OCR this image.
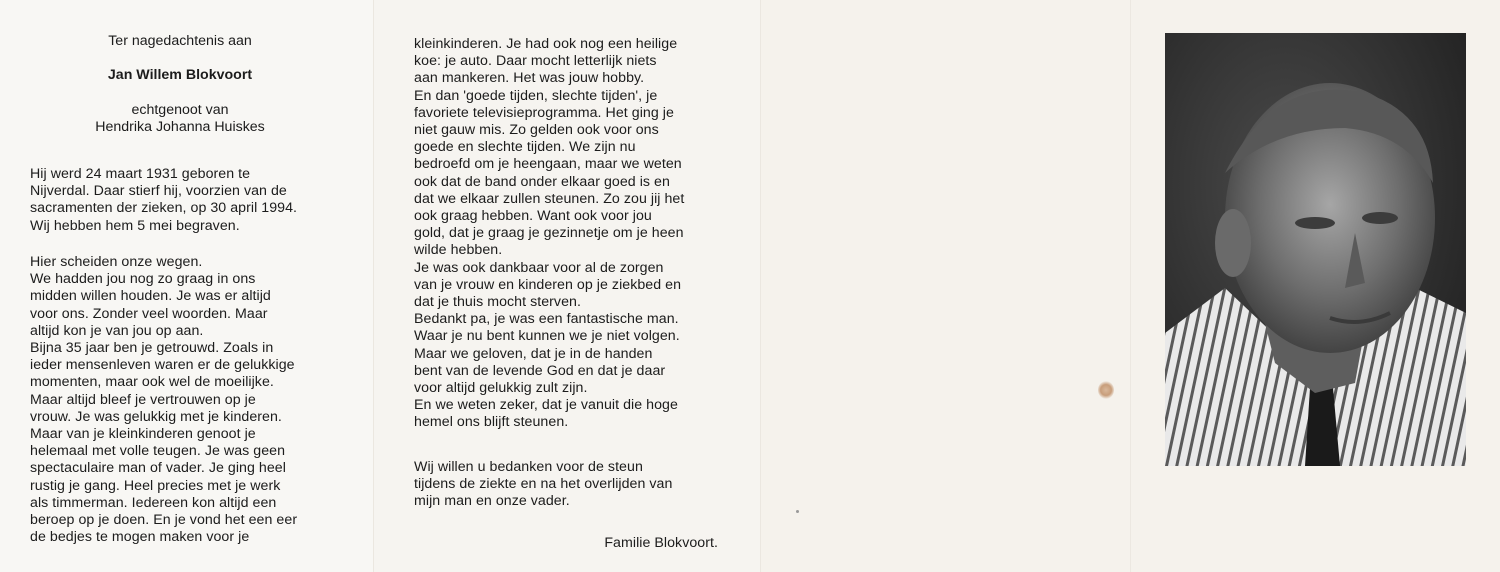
Ter nagedachtenis aan
Jan Willem Blokvoort
echtgenoot van
Hendrika Johanna Huiskes
Hij werd 24 maart 1931 geboren te
Nijverdal. Daar stierf hij, voorzien van de
sacramenten der zieken, op 30 april 1994.
Wij hebben hem 5 mei begraven.
Hier scheiden onze wegen.
We hadden jou nog zo graag in ons
midden willen houden. Je was er altijd
voor ons. Zonder veel woorden. Maar
altijd kon je van jou op aan.
Bijna 35 jaar ben je getrouwd. Zoals in
ieder mensenleven waren er de gelukkige
momenten, maar ook wel de moeilijke.
Maar altijd bleef je vertrouwen op je
vrouw. Je was gelukkig met je kinderen.
Maar van je kleinkinderen genoot je
helemaal met volle teugen. Je was geen
spectaculaire man of vader. Je ging heel
rustig je gang. Heel precies met je werk
als timmerman. Iedereen kon altijd een
beroep op je doen. En je vond het een eer
de bedjes te mogen maken voor je
kleinkinderen. Je had ook nog een heilige
koe: je auto. Daar mocht letterlijk niets
aan mankeren. Het was jouw hobby.
En dan 'goede tijden, slechte tijden', je
favoriete televisieprogramma. Het ging je
niet gauw mis. Zo gelden ook voor ons
goede en slechte tijden. We zijn nu
bedroefd om je heengaan, maar we weten
ook dat de band onder elkaar goed is en
dat we elkaar zullen steunen. Zo zou jij het
ook graag hebben. Want ook voor jou
gold, dat je graag je gezinnetje om je heen
wilde hebben.
Je was ook dankbaar voor al de zorgen
van je vrouw en kinderen op je ziekbed en
dat je thuis mocht sterven.
Bedankt pa, je was een fantastische man.
Waar je nu bent kunnen we je niet volgen.
Maar we geloven, dat je in de handen
bent van de levende God en dat je daar
voor altijd gelukkig zult zijn.
En we weten zeker, dat je vanuit die hoge
hemel ons blijft steunen.
Wij willen u bedanken voor de steun
tijdens de ziekte en na het overlijden van
mijn man en onze vader.
Familie Blokvoort.
